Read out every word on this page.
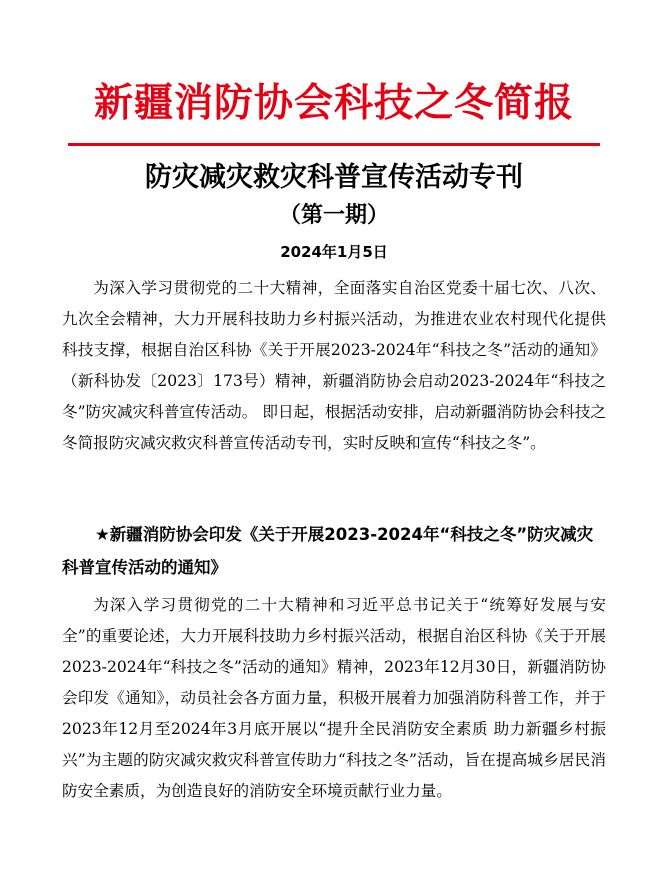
新疆消防协会科技之冬简报
防灾减灾救灾科普宣传活动专刊
（第一期）
2024年1月5日

为深入学习贯彻党的二十大精神，全面落实自治区党委十届七次、八次、九次全会精神，大力开展科技助力乡村振兴活动，为推进农业农村现代化提供科技支撑，根据自治区科协《关于开展2023-2024年“科技之冬”活动的通知》（新科协发〔2023〕173号）精神，新疆消防协会启动2023-2024年“科技之冬”防灾减灾科普宣传活动。 即日起，根据活动安排，启动新疆消防协会科技之冬简报防灾减灾救灾科普宣传活动专刊，实时反映和宣传“科技之冬”。

★新疆消防协会印发《关于开展2023-2024年“科技之冬”防灾减灾科普宣传活动的通知》

为深入学习贯彻党的二十大精神和习近平总书记关于“统筹好发展与安全”的重要论述，大力开展科技助力乡村振兴活动，根据自治区科协《关于开展2023-2024年“科技之冬”活动的通知》精神，2023年12月30日，新疆消防协会印发《通知》，动员社会各方面力量，积极开展着力加强消防科普工作，并于2023年12月至2024年3月底开展以“提升全民消防安全素质 助力新疆乡村振兴”为主题的防灾减灾救灾科普宣传助力“科技之冬”活动，旨在提高城乡居民消防安全素质，为创造良好的消防安全环境贡献行业力量。
